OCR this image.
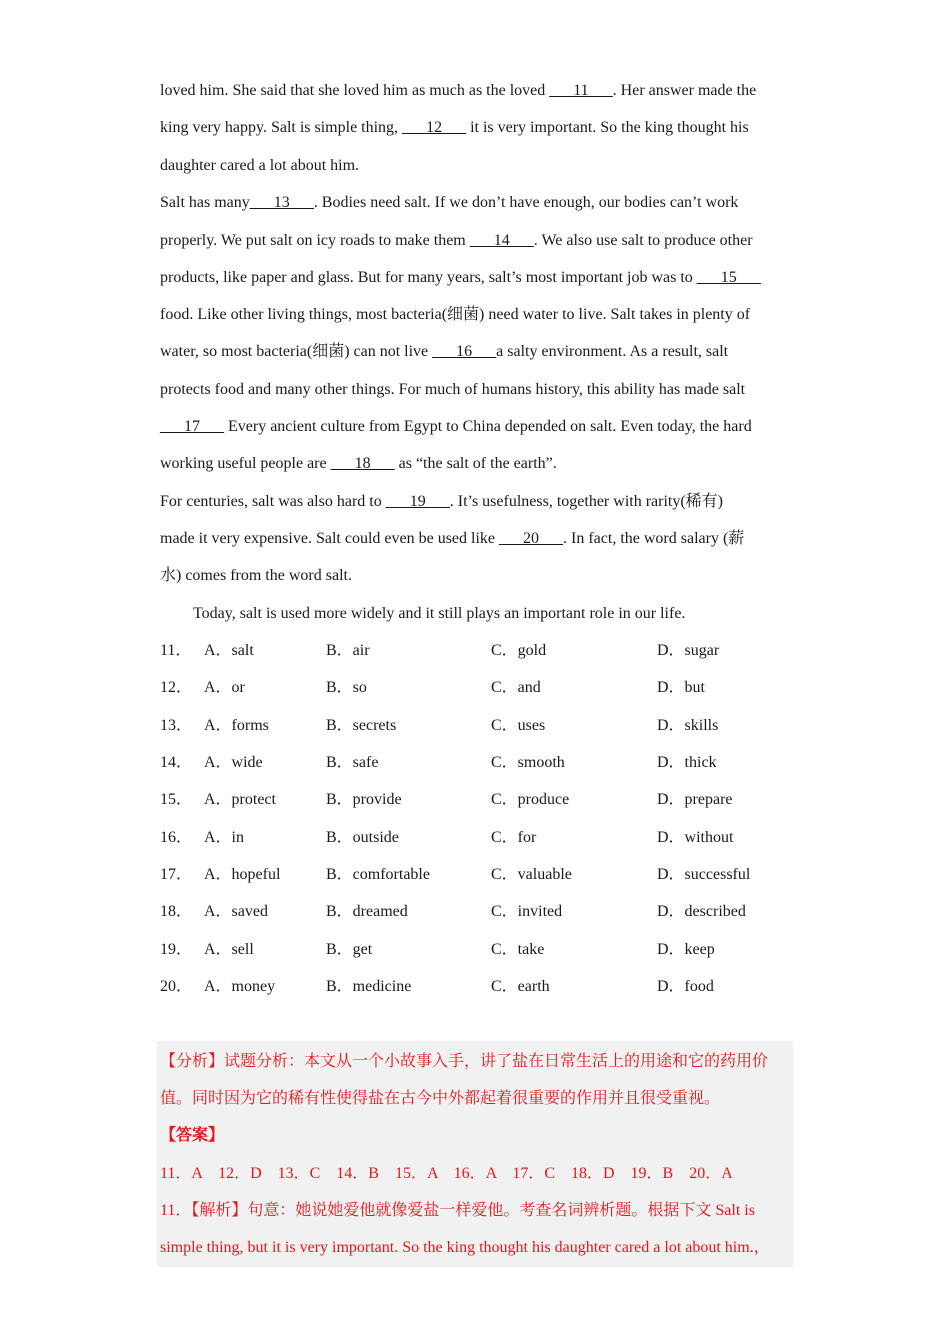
loved him. She said that she loved him as much as the loved ___11___. Her answer made the
king very happy. Salt is simple thing, ___12___ it is very important. So the king thought his
daughter cared a lot about him.
Salt has many___13___. Bodies need salt. If we don’t have enough, our bodies can’t work
properly. We put salt on icy roads to make them ___14___. We also use salt to produce other
products, like paper and glass. But for many years, salt’s most important job was to ___15___
food. Like other living things, most bacteria(细菌) need water to live. Salt takes in plenty of
water, so most bacteria(细菌) can not live ___16___a salty environment. As a result, salt
protects food and many other things. For much of humans history, this ability has made salt
___17___ Every ancient culture from Egypt to China depended on salt. Even today, the hard
working useful people are ___18___ as “the salt of the earth”.
For centuries, salt was also hard to ___19___. It’s usefulness, together with rarity(稀有)
made it very expensive. Salt could even be used like ___20___. In fact, the word salary (薪
水) comes from the word salt.
Today, salt is used more widely and it still plays an important role in our life.
11． A．salt	B．air	C．gold	D．sugar
12． A．or	B．so	C．and	D．but
13． A．forms	B．secrets	C．uses	D．skills
14． A．wide	B．safe	C．smooth	D．thick
15． A．protect	B．provide	C．produce	D．prepare
16． A．in	B．outside	C．for	D．without
17． A．hopeful	B．comfortable	C．valuable	D．successful
18． A．saved	B．dreamed	C．invited	D．described
19． A．sell	B．get	C．take	D．keep
20． A．money	B．medicine	C．earth	D．food
【分析】试题分析：本文从一个小故事入手，讲了盐在日常生活上的用途和它的药用价
值。同时因为它的稀有性使得盐在古今中外都起着很重要的作用并且很受重视。
【答案】
11．A　12．D　13．C　14．B　15．A　16．A　17．C　18．D　19．B　20．A
11．【解析】句意：她说她爱他就像爱盐一样爱他。考查名词辨析题。根据下文 Salt is
simple thing, but it is very important. So the king thought his daughter cared a lot about him.，
